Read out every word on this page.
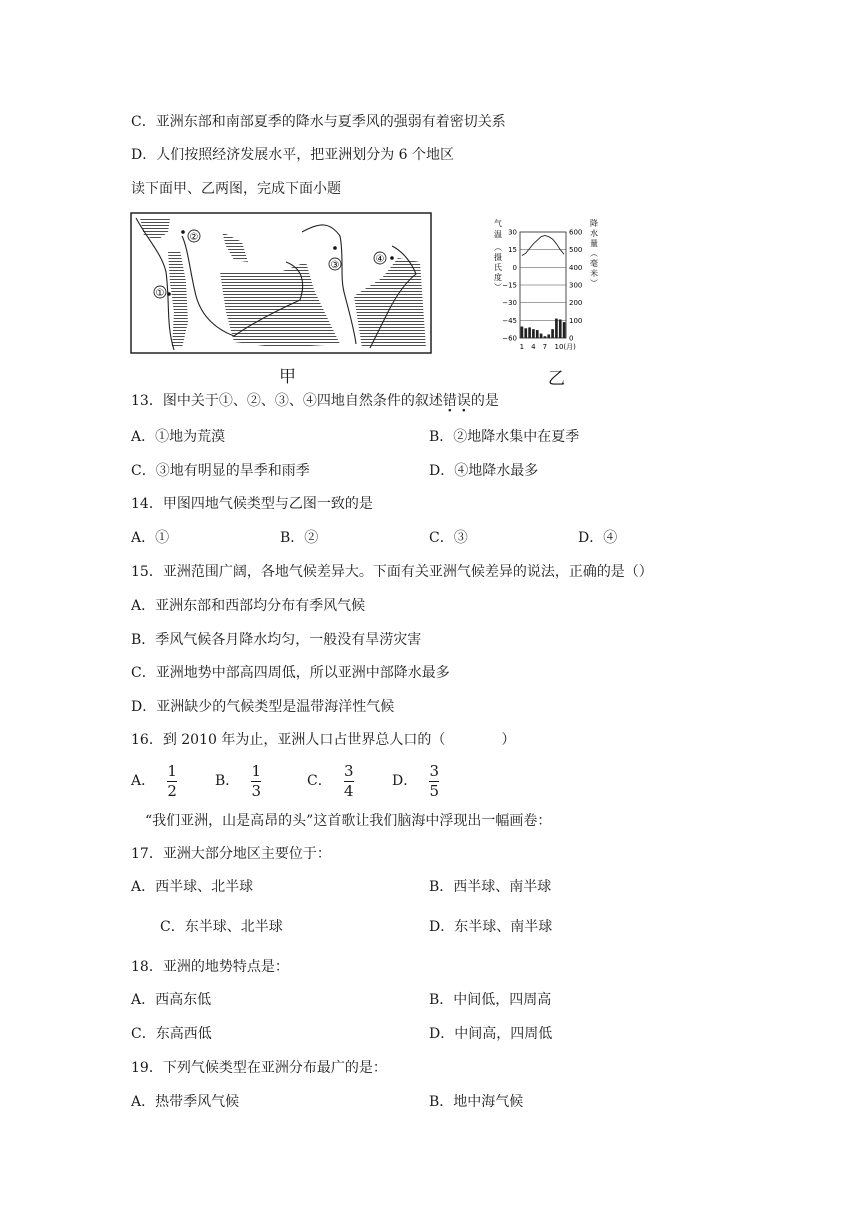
C．亚洲东部和南部夏季的降水与夏季风的强弱有着密切关系
D．人们按照经济发展水平，把亚洲划分为 6 个地区
读下面甲、乙两图，完成下面小题
①
②
③
④
气
温
︵
摄
氏
度
︶
降
水
量
︵
毫
米
︶
30	600
15	500
0	400
−15	300
−30	200
−45	100
−60	0
1 4 7 10(月)
甲	乙
13．图中关于①、②、③、④四地自然条件的叙述错误的是
A．①地为荒漠	B．②地降水集中在夏季
C．③地有明显的旱季和雨季	D．④地降水最多
14．甲图四地气候类型与乙图一致的是
A．①	B．②	C．③	D．④
15．亚洲范围广阔，各地气候差异大。下面有关亚洲气候差异的说法，正确的是（）
A．亚洲东部和西部均分布有季风气候
B．季风气候各月降水均匀，一般没有旱涝灾害
C．亚洲地势中部高四周低，所以亚洲中部降水最多
D．亚洲缺少的气候类型是温带海洋性气候
16．到 2010 年为止，亚洲人口占世界总人口的（　　　　）
A． $\frac{1}{2}$	B． $\frac{1}{3}$	C． $\frac{3}{4}$	D． $\frac{3}{5}$
“我们亚洲，山是高昂的头”这首歌让我们脑海中浮现出一幅画卷：
17．亚洲大部分地区主要位于：
A．西半球、北半球	B．西半球、南半球
C．东半球、北半球	D．东半球、南半球
18．亚洲的地势特点是：
A．西高东低	B．中间低，四周高
C．东高西低	D．中间高，四周低
19．下列气候类型在亚洲分布最广的是：
A．热带季风气候	B．地中海气候
